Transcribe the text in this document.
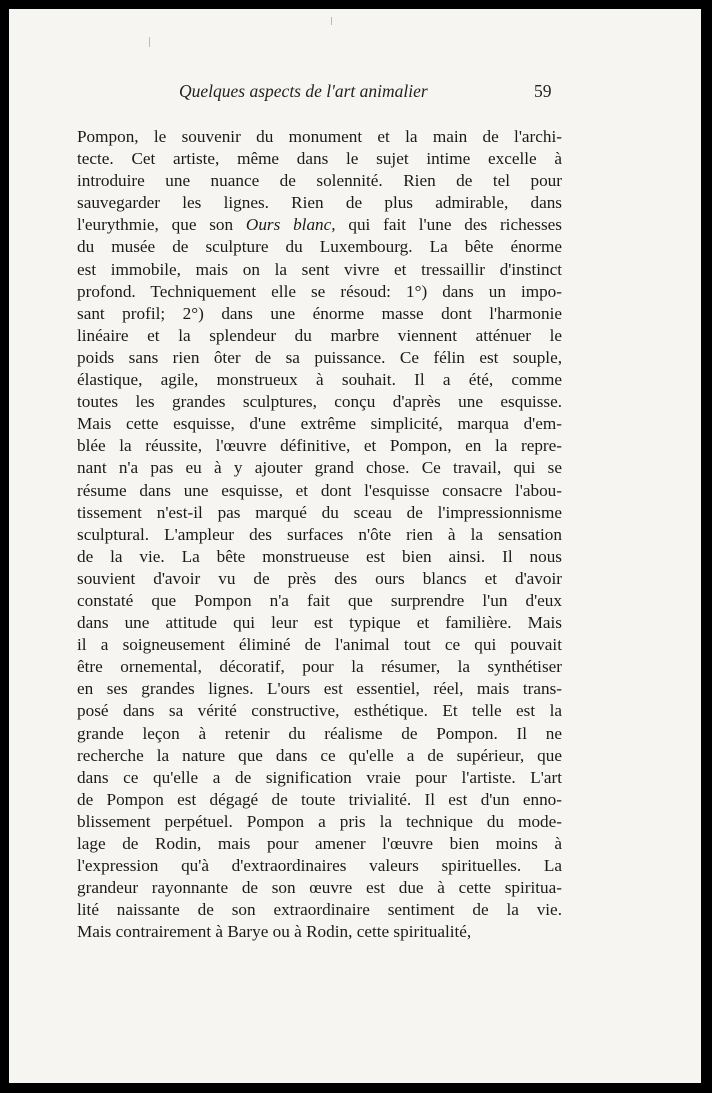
Quelques aspects de l'art animalier	59
Pompon, le souvenir du monument et la main de l'archi-
tecte. Cet artiste, même dans le sujet intime excelle à
introduire une nuance de solennité. Rien de tel pour
sauvegarder les lignes. Rien de plus admirable, dans
l'eurythmie, que son Ours blanc, qui fait l'une des richesses
du musée de sculpture du Luxembourg. La bête énorme
est immobile, mais on la sent vivre et tressaillir d'instinct
profond. Techniquement elle se résoud: 1°) dans un impo-
sant profil; 2°) dans une énorme masse dont l'harmonie
linéaire et la splendeur du marbre viennent atténuer le
poids sans rien ôter de sa puissance. Ce félin est souple,
élastique, agile, monstrueux à souhait. Il a été, comme
toutes les grandes sculptures, conçu d'après une esquisse.
Mais cette esquisse, d'une extrême simplicité, marqua d'em-
blée la réussite, l'œuvre définitive, et Pompon, en la repre-
nant n'a pas eu à y ajouter grand chose. Ce travail, qui se
résume dans une esquisse, et dont l'esquisse consacre l'abou-
tissement n'est-il pas marqué du sceau de l'impressionnisme
sculptural. L'ampleur des surfaces n'ôte rien à la sensation
de la vie. La bête monstrueuse est bien ainsi. Il nous
souvient d'avoir vu de près des ours blancs et d'avoir
constaté que Pompon n'a fait que surprendre l'un d'eux
dans une attitude qui leur est typique et familière. Mais
il a soigneusement éliminé de l'animal tout ce qui pouvait
être ornemental, décoratif, pour la résumer, la synthétiser
en ses grandes lignes. L'ours est essentiel, réel, mais trans-
posé dans sa vérité constructive, esthétique. Et telle est la
grande leçon à retenir du réalisme de Pompon. Il ne
recherche la nature que dans ce qu'elle a de supérieur, que
dans ce qu'elle a de signification vraie pour l'artiste. L'art
de Pompon est dégagé de toute trivialité. Il est d'un enno-
blissement perpétuel. Pompon a pris la technique du mode-
lage de Rodin, mais pour amener l'œuvre bien moins à
l'expression qu'à d'extraordinaires valeurs spirituelles. La
grandeur rayonnante de son œuvre est due à cette spiritua-
lité naissante de son extraordinaire sentiment de la vie.
Mais contrairement à Barye ou à Rodin, cette spiritualité,
